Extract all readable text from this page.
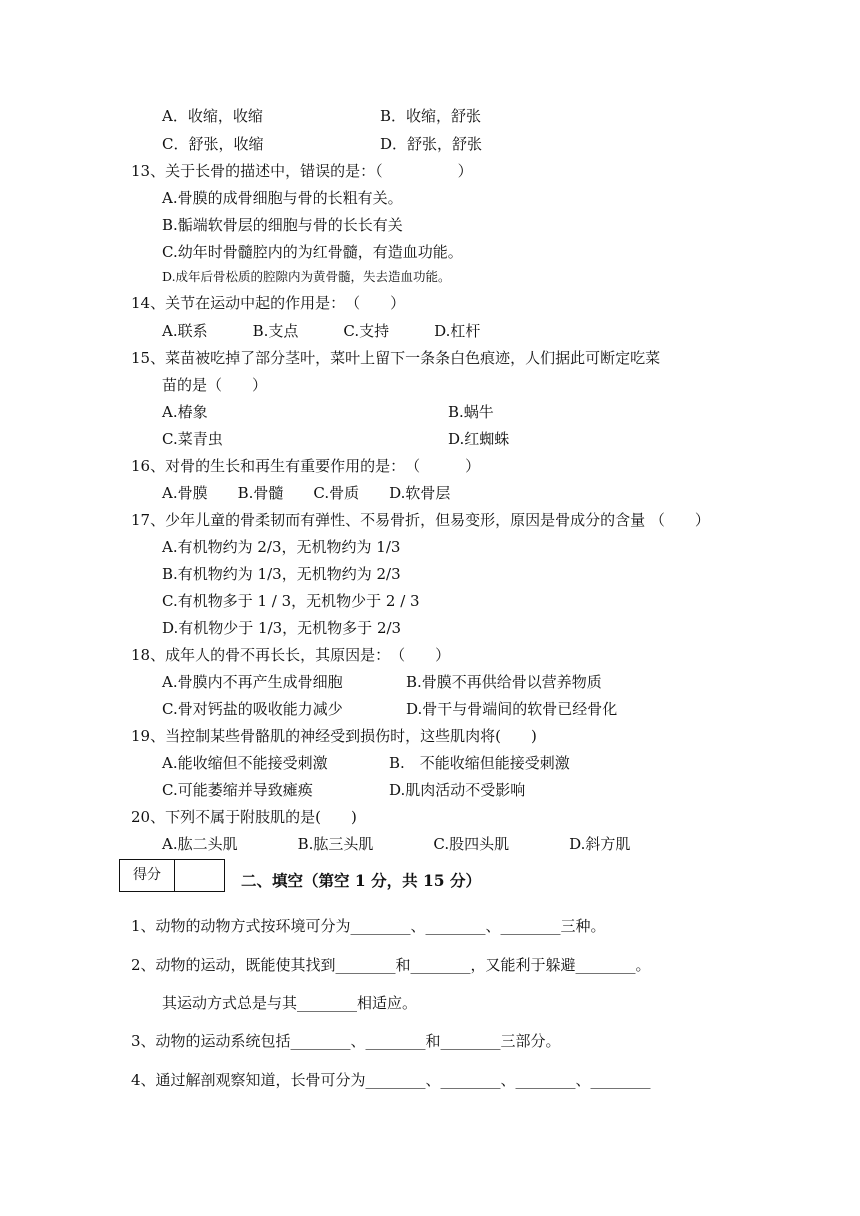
A．收缩，收缩	B．收缩，舒张
C．舒张，收缩	D．舒张，舒张
13、关于长骨的描述中，错误的是：（　　　　　）
A.骨膜的成骨细胞与骨的长粗有关。
B.骺端软骨层的细胞与骨的长长有关
C.幼年时骨髓腔内的为红骨髓，有造血功能。
D.成年后骨松质的腔隙内为黄骨髓，失去造血功能。
14、关节在运动中起的作用是：　（　　）
A.联系　　　B.支点　　　C.支持　　　D.杠杆
15、菜苗被吃掉了部分茎叶，菜叶上留下一条条白色痕迹，人们据此可断定吃菜
苗的是（　　）
A.椿象	B.蜗牛
C.菜青虫	D.红蜘蛛
16、对骨的生长和再生有重要作用的是：　（　　　）
A.骨膜　　B.骨髓　　C.骨质　　D.软骨层
17、少年儿童的骨柔韧而有弹性、不易骨折，但易变形，原因是骨成分的含量 （　　）
A.有机物约为 2/3，无机物约为 1/3
B.有机物约为 1/3，无机物约为 2/3
C.有机物多于 1 / 3，无机物少于 2 / 3
D.有机物少于 1/3，无机物多于 2/3
18、成年人的骨不再长长，其原因是：　（　　）
A.骨膜内不再产生成骨细胞	B.骨膜不再供给骨以营养物质
C.骨对钙盐的吸收能力减少	D.骨干与骨端间的软骨已经骨化
19、当控制某些骨骼肌的神经受到损伤时，这些肌肉将(　　)
A.能收缩但不能接受刺激	B.　不能收缩但能接受刺激
C.可能萎缩并导致瘫痪	D.肌肉活动不受影响
20、下列不属于附肢肌的是(　　)
A.肱二头肌　　　　B.肱三头肌　　　　C.股四头肌　　　　D.斜方肌
得分	二、填空（第空 1 分，共 15 分）
1、动物的动物方式按环境可分为________、________、________三种。
2、动物的运动，既能使其找到________和________，又能利于躲避________。
其运动方式总是与其________相适应。
3、动物的运动系统包括________、________和________三部分。
4、通过解剖观察知道，长骨可分为________、________、________、________
